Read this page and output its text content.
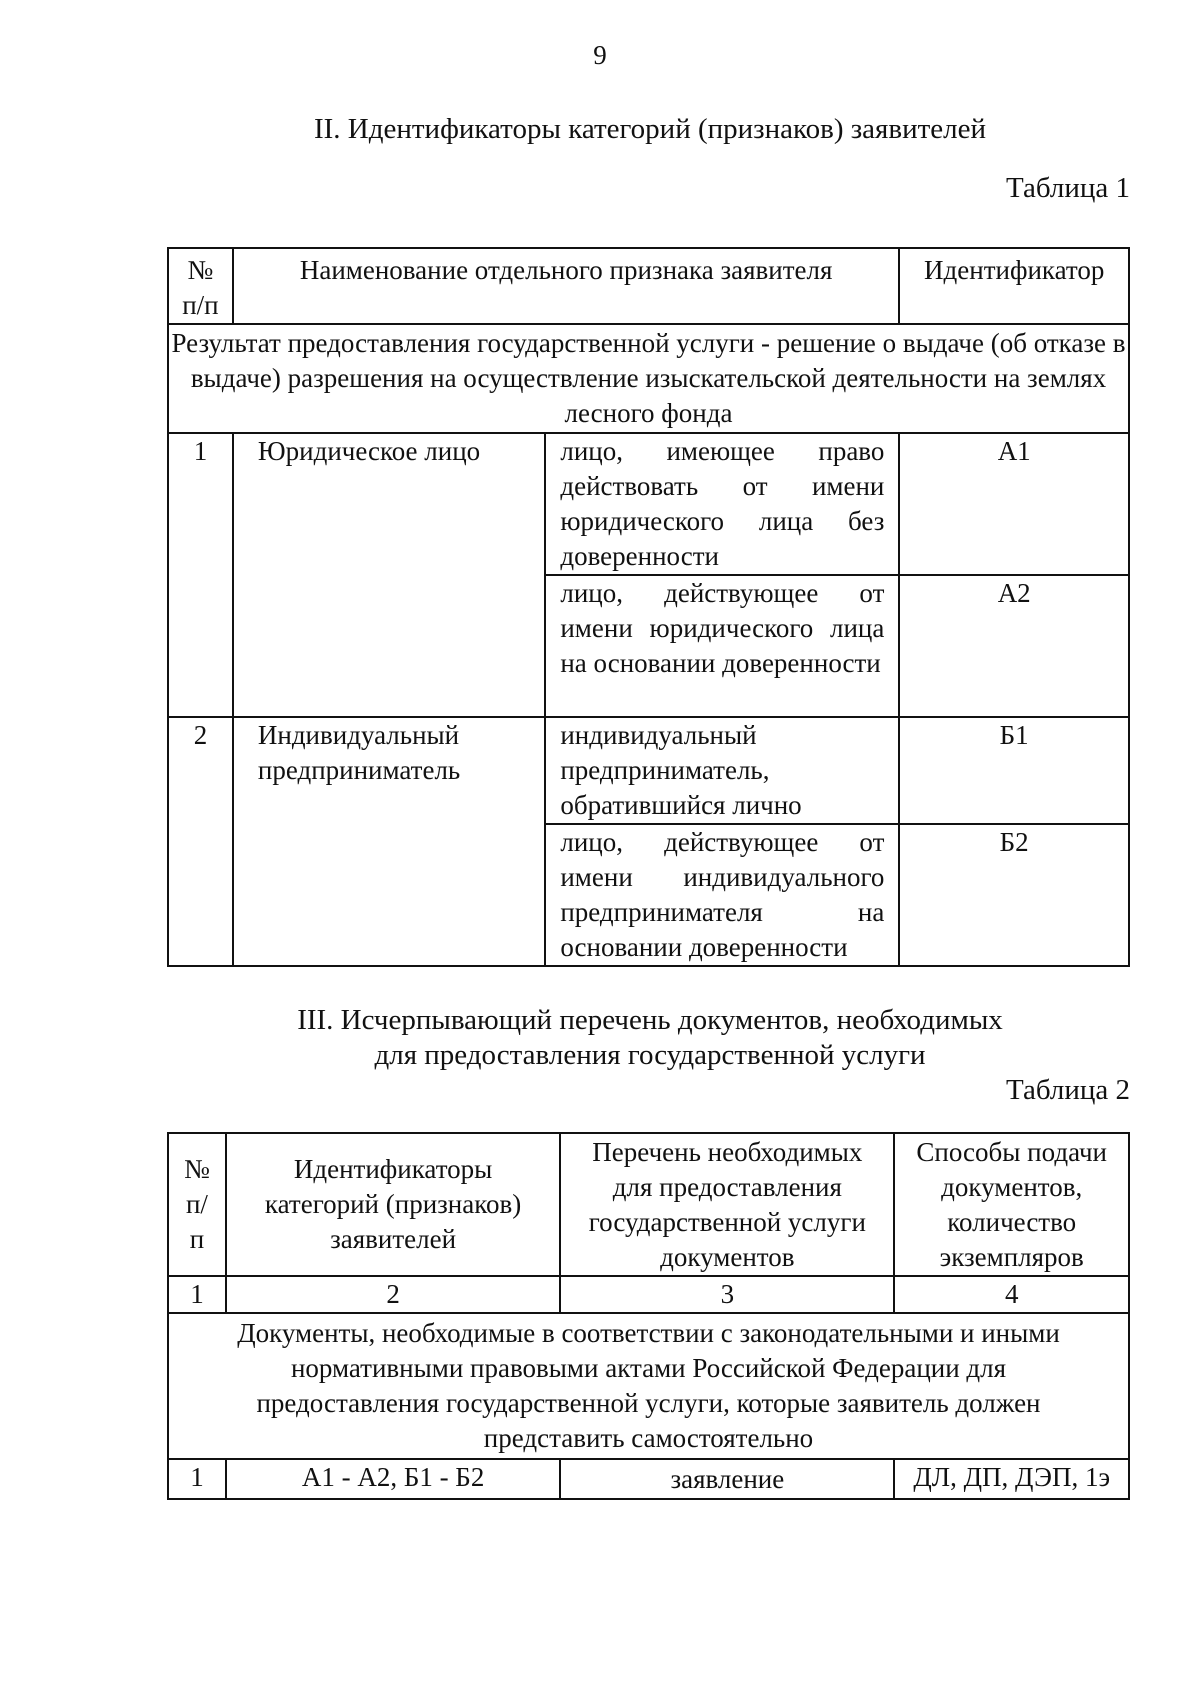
9
II. Идентификаторы категорий (признаков) заявителей
Таблица 1
№ п/п	Наименование отдельного признака заявителя		Идентификатор
Результат предоставления государственной услуги - решение о выдаче (об отказе в выдаче) разрешения на осуществление изыскательской деятельности на землях лесного фонда			
1	Юридическое лицо	лицо, имеющее право действовать от имени юридического лица без доверенности	А1
		лицо, действующее от имени юридического лица на основании доверенности	А2
2	Индивидуальный предприниматель	индивидуальный предприниматель, обратившийся лично	Б1
		лицо, действующее от имени индивидуального предпринимателя на основании доверенности	Б2
III. Исчерпывающий перечень документов, необходимых
для предоставления государственной услуги
Таблица 2
№ п/п	Идентификаторы категорий (признаков) заявителей	Перечень необходимых для предоставления государственной услуги документов	Способы подачи документов, количество экземпляров
1	2	3	4
Документы, необходимые в соответствии с законодательными и иными нормативными правовыми актами Российской Федерации для предоставления государственной услуги, которые заявитель должен представить самостоятельно			
1	А1 - А2, Б1 - Б2	заявление	ДЛ, ДП, ДЭП, 1э
